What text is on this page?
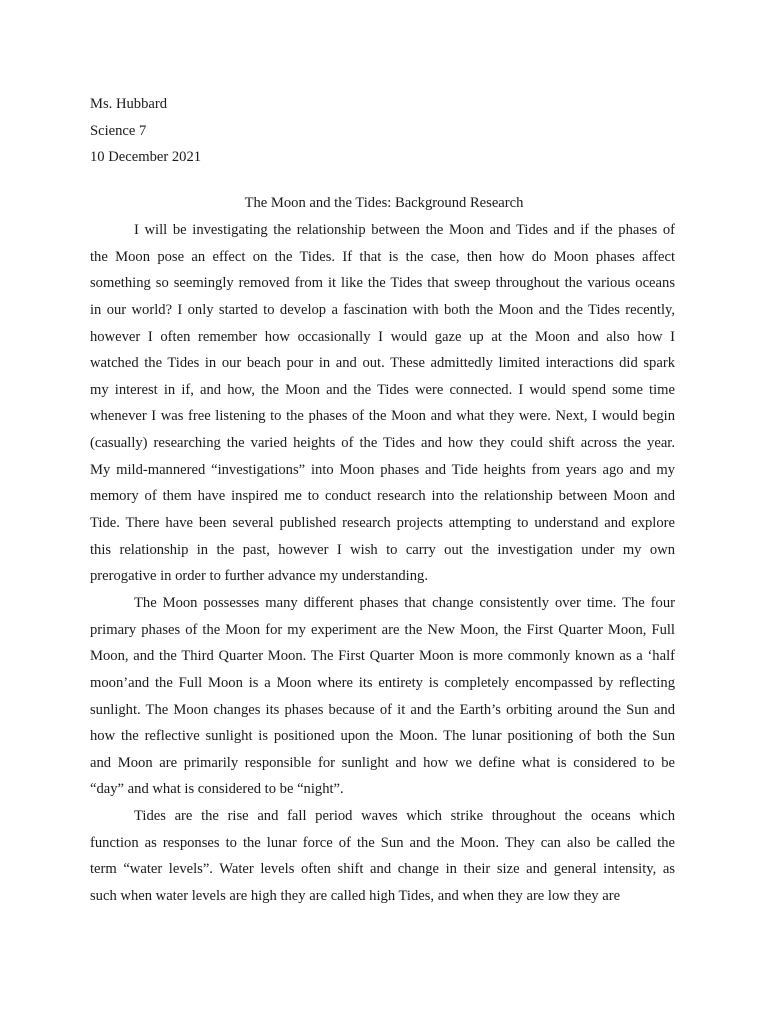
Ms. Hubbard
Science 7
10 December 2021
The Moon and the Tides: Background Research
I will be investigating the relationship between the Moon and Tides and if the phases of
the Moon pose an effect on the Tides. If that is the case, then how do Moon phases affect
something so seemingly removed from it like the Tides that sweep throughout the various oceans
in our world? I only started to develop a fascination with both the Moon and the Tides recently,
however I often remember how occasionally I would gaze up at the Moon and also how I
watched the Tides in our beach pour in and out. These admittedly limited interactions did spark
my interest in if, and how, the Moon and the Tides were connected. I would spend some time
whenever I was free listening to the phases of the Moon and what they were. Next, I would begin
(casually) researching the varied heights of the Tides and how they could shift across the year.
My mild-mannered “investigations” into Moon phases and Tide heights from years ago and my
memory of them have inspired me to conduct research into the relationship between Moon and
Tide. There have been several published research projects attempting to understand and explore
this relationship in the past, however I wish to carry out the investigation under my own
prerogative in order to further advance my understanding.
The Moon possesses many different phases that change consistently over time. The four
primary phases of the Moon for my experiment are the New Moon, the First Quarter Moon, Full
Moon, and the Third Quarter Moon. The First Quarter Moon is more commonly known as a ‘half
moon’and the Full Moon is a Moon where its entirety is completely encompassed by reflecting
sunlight. The Moon changes its phases because of it and the Earth’s orbiting around the Sun and
how the reflective sunlight is positioned upon the Moon. The lunar positioning of both the Sun
and Moon are primarily responsible for sunlight and how we define what is considered to be
“day” and what is considered to be “night”.
Tides are the rise and fall period waves which strike throughout the oceans which
function as responses to the lunar force of the Sun and the Moon. They can also be called the
term “water levels”. Water levels often shift and change in their size and general intensity, as
such when water levels are high they are called high Tides, and when they are low they are
